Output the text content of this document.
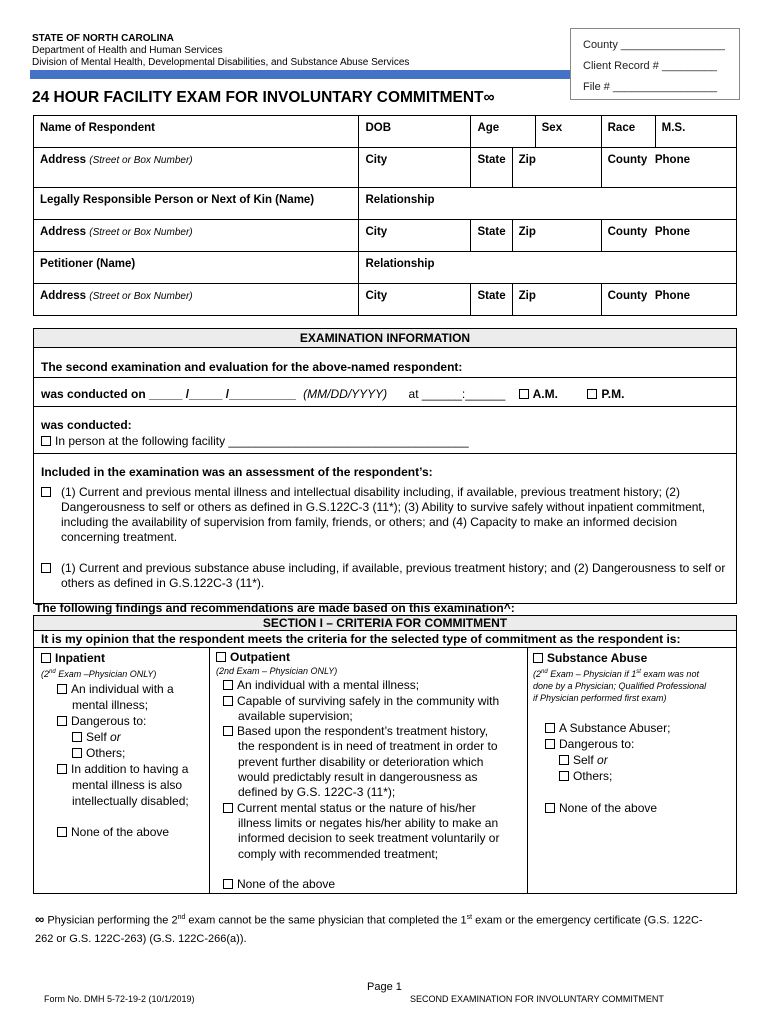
STATE OF NORTH CAROLINA
Department of Health and Human Services
Division of Mental Health, Developmental Disabilities, and Substance Abuse Services
County _________________
Client Record # _________
File # _________________
24 HOUR FACILITY EXAM FOR INVOLUNTARY COMMITMENT∞
Name of Respondent	DOB	Age		Sex	Race	M.S.
Address (Street or Box Number)	City	State	Zip		County Phone	

Legally Responsible Person or Next of Kin (Name)	Relationship					
Address (Street or Box Number)	City	State	Zip		County Phone	

Petitioner (Name)	Relationship					
Address (Street or Box Number)	City	State	Zip		County Phone	
EXAMINATION INFORMATION
The second examination and evaluation for the above-named respondent:
was conducted on _____ /_____ /__________ (MM/DD/YYYY) at ______:______ A.M.	P.M.
was conducted:
In person at the following facility ____________________________________
Included in the examination was an assessment of the respondent’s:
(1) Current and previous mental illness and intellectual disability including, if available, previous treatment history; (2) Dangerousness to self or others as defined in G.S.122C-3 (11*); (3) Ability to survive safely without inpatient commitment, including the availability of supervision from family, friends, or others; and (4) Capacity to make an informed decision concerning treatment.
(1) Current and previous substance abuse including, if available, previous treatment history; and (2) Dangerousness to self or others as defined in G.S.122C-3 (11*).
The following findings and recommendations are made based on this examination^:
SECTION I – CRITERIA FOR COMMITMENT
It is my opinion that the respondent meets the criteria for the selected type of commitment as the respondent is:
Inpatient
(2nd Exam –Physician ONLY)
An individual with a
mental illness;
Dangerous to:
Self or
Others;
In addition to having a
mental illness is also
intellectually disabled;
None of the above
Outpatient
(2nd Exam – Physician ONLY)
An individual with a mental illness;
Capable of surviving safely in the community with
available supervision;
Based upon the respondent’s treatment history,
the respondent is in need of treatment in order to
prevent further disability or deterioration which
would predictably result in dangerousness as
defined by G.S. 122C-3 (11*);
Current mental status or the nature of his/her
illness limits or negates his/her ability to make an
informed decision to seek treatment voluntarily or
comply with recommended treatment;
None of the above
Substance Abuse
(2nd Exam – Physician if 1st exam was not
done by a Physician; Qualified Professional
if Physician performed first exam)
A Substance Abuser;
Dangerous to:
Self or
Others;
None of the above
∞ Physician performing the 2nd exam cannot be the same physician that completed the 1st exam or the emergency certificate (G.S. 122C-
262 or G.S. 122C-263) (G.S. 122C-266(a)).
Page 1
Form No. DMH 5-72-19-2 (10/1/2019)	SECOND EXAMINATION FOR INVOLUNTARY COMMITMENT
